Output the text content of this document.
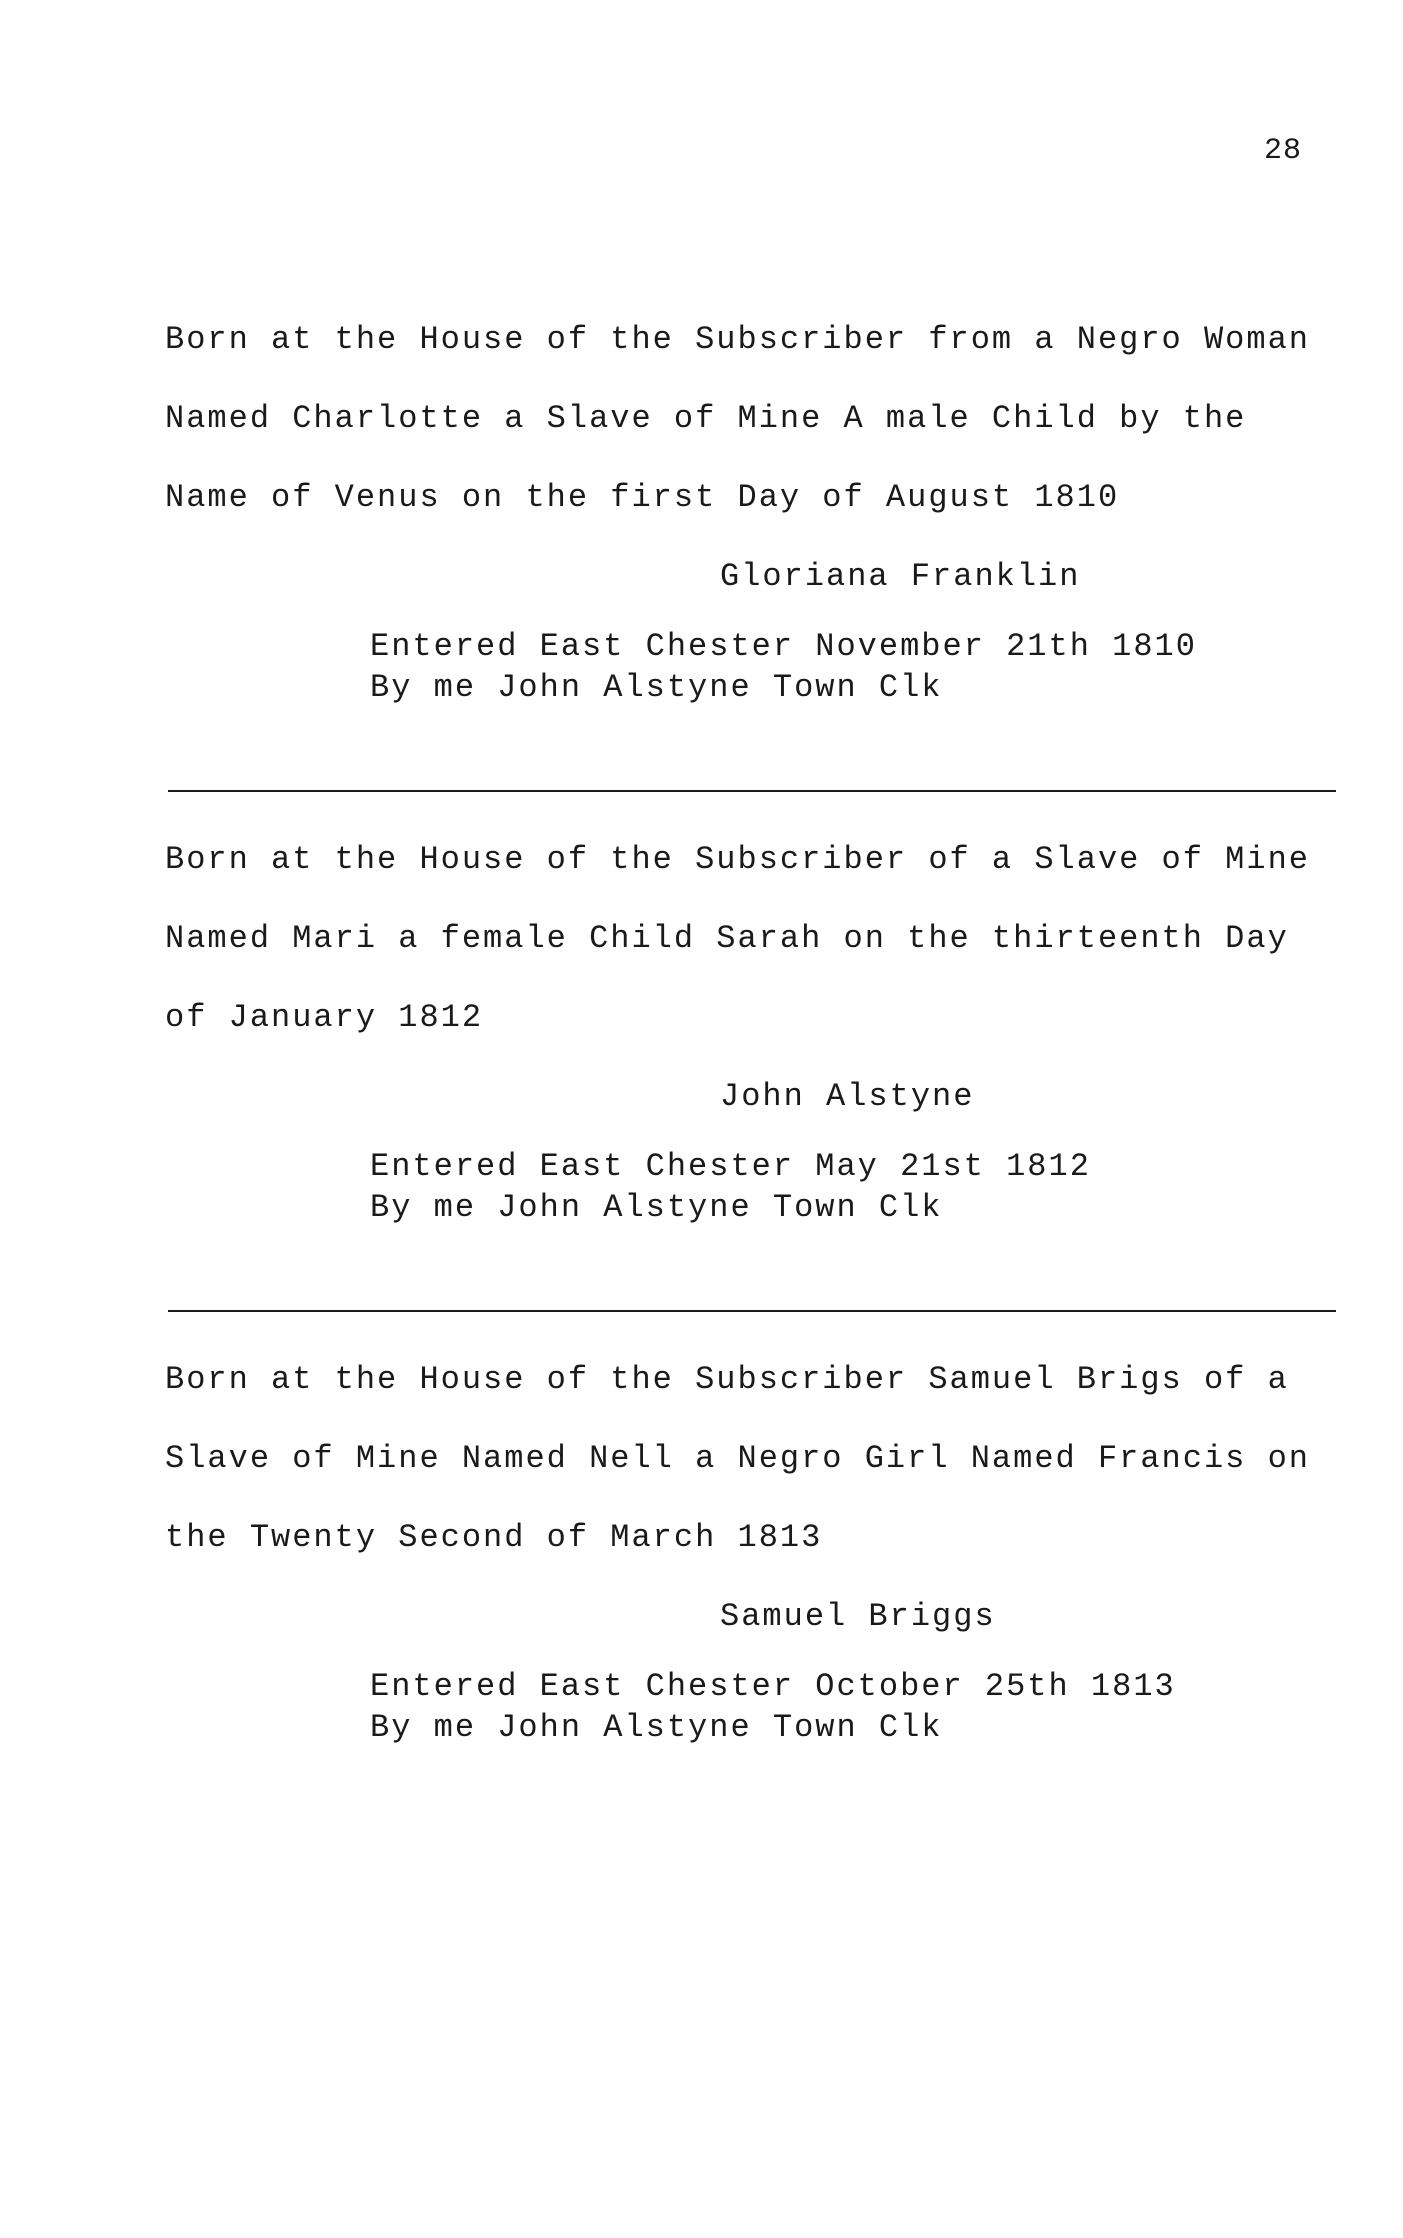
28
Born at the House of the Subscriber from a Negro Woman
Named Charlotte a Slave of Mine A male Child by the
Name of Venus on the first Day of August 1810
Gloriana Franklin
Entered East Chester November 21th 1810
By me John Alstyne Town Clk
Born at the House of the Subscriber of a Slave of Mine
Named Mari a female Child Sarah on the thirteenth Day
of January 1812
John Alstyne
Entered East Chester May 21st 1812
By me John Alstyne Town Clk
Born at the House of the Subscriber Samuel Brigs of a
Slave of Mine Named Nell a Negro Girl Named Francis on
the Twenty Second of March 1813
Samuel Briggs
Entered East Chester October 25th 1813
By me John Alstyne Town Clk
